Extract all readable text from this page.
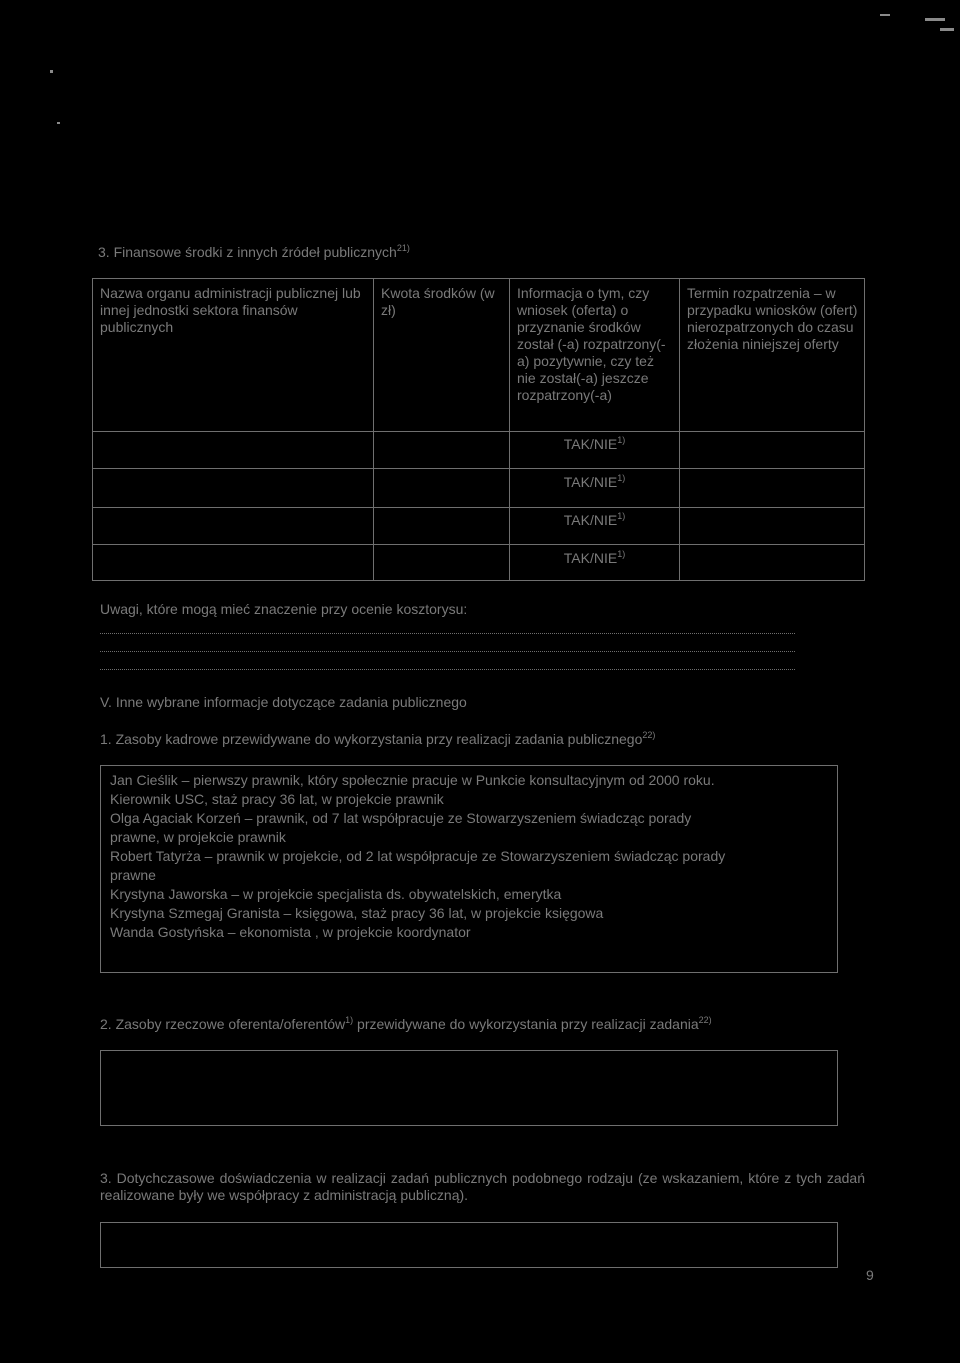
3. Finansowe środki z innych źródeł publicznych$^{21)}$
Nazwa organu administracji publicznej lub innej jednostki sektora finansów publicznych
Kwota środków (w zł)
Informacja o tym, czy wniosek (oferta) o przyznanie środków został (-a) rozpatrzony(-a) pozytywnie, czy też nie został(-a) jeszcze rozpatrzony(-a)
Termin rozpatrzenia – w przypadku wniosków (ofert) nierozpatrzonych do czasu złożenia niniejszej oferty
TAK/NIE$^{1)}$
TAK/NIE$^{1)}$
TAK/NIE$^{1)}$
TAK/NIE$^{1)}$
Uwagi, które mogą mieć znaczenie przy ocenie kosztorysu:
V. Inne wybrane informacje dotyczące zadania publicznego
1. Zasoby kadrowe przewidywane do wykorzystania przy realizacji zadania publicznego$^{22)}$
Jan Cieślik – pierwszy prawnik, który społecznie pracuje w Punkcie konsultacyjnym od 2000 roku.
Kierownik USC, staż pracy 36 lat, w projekcie prawnik
Olga Agaciak Korzeń – prawnik, od 7 lat współpracuje ze Stowarzyszeniem świadcząc porady
prawne, w projekcie prawnik
Robert Tatyrża – prawnik w projekcie, od 2 lat współpracuje ze Stowarzyszeniem świadcząc porady
prawne
Krystyna Jaworska – w projekcie specjalista ds. obywatelskich, emerytka
Krystyna Szmegaj Granista – księgowa, staż pracy 36 lat, w projekcie księgowa
Wanda Gostyńska – ekonomista , w projekcie koordynator
2. Zasoby rzeczowe oferenta/oferentów$^{1)}$ przewidywane do wykorzystania przy realizacji zadania$^{22)}$
3. Dotychczasowe doświadczenia w realizacji zadań publicznych podobnego rodzaju (ze wskazaniem, które z tych zadań realizowane były we współpracy z administracją publiczną).
9
